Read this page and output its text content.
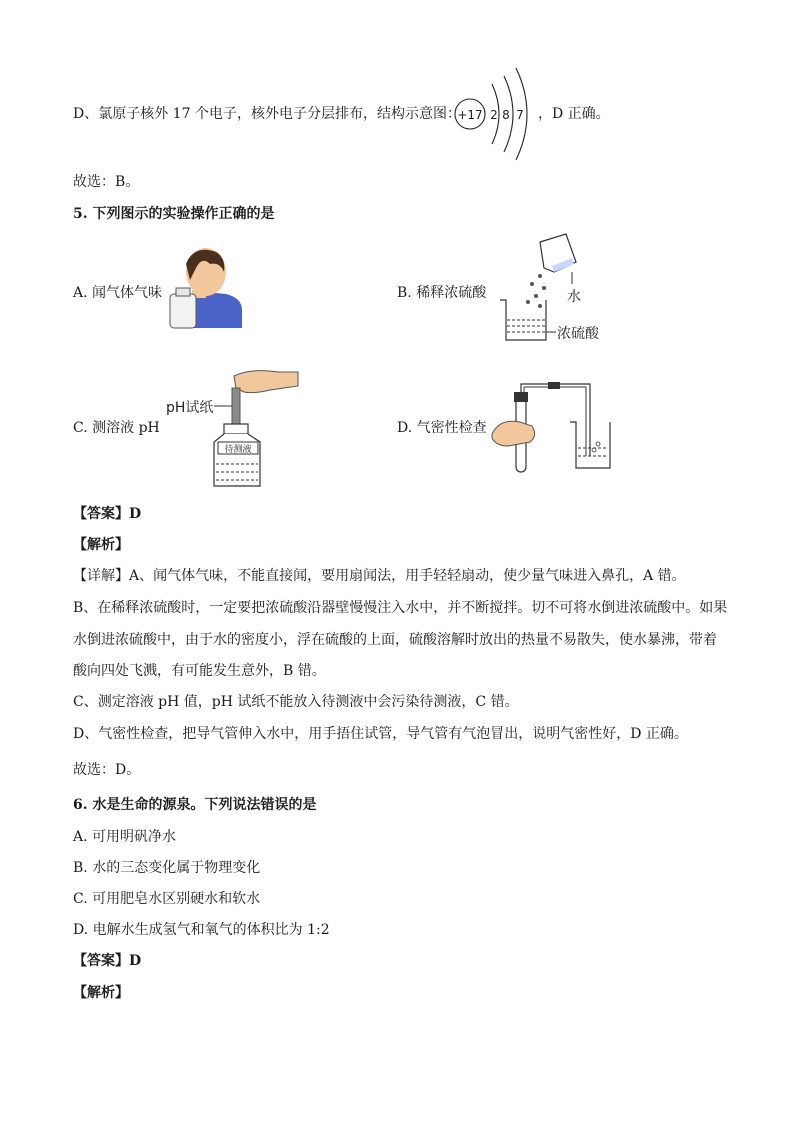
D、氯原子核外 17 个电子，核外电子分层排布，结构示意图：
+17 2 8 7 ，D 正确。
故选：B。
5. 下列图示的实验操作正确的是
A. 闻气体气味	B. 稀释浓硫酸	水
浓硫酸
C. 测溶液 pH
pH试纸
待测液
D. 气密性检查
【答案】D
【解析】
【详解】A、闻气体气味，不能直接闻，要用扇闻法，用手轻轻扇动，使少量气味进入鼻孔，A 错。
B、在稀释浓硫酸时，一定要把浓硫酸沿器壁慢慢注入水中，并不断搅拌。切不可将水倒进浓硫酸中。如果
水倒进浓硫酸中，由于水的密度小，浮在硫酸的上面，硫酸溶解时放出的热量不易散失，使水暴沸，带着
酸向四处飞溅，有可能发生意外，B 错。
C、测定溶液 pH 值，pH 试纸不能放入待测液中会污染待测液，C 错。
D、气密性检查，把导气管伸入水中，用手捂住试管，导气管有气泡冒出，说明气密性好，D 正确。
故选：D。
6. 水是生命的源泉。下列说法错误的是
A. 可用明矾净水
B. 水的三态变化属于物理变化
C. 可用肥皂水区别硬水和软水
D. 电解水生成氢气和氧气的体积比为 1:2
【答案】D
【解析】
